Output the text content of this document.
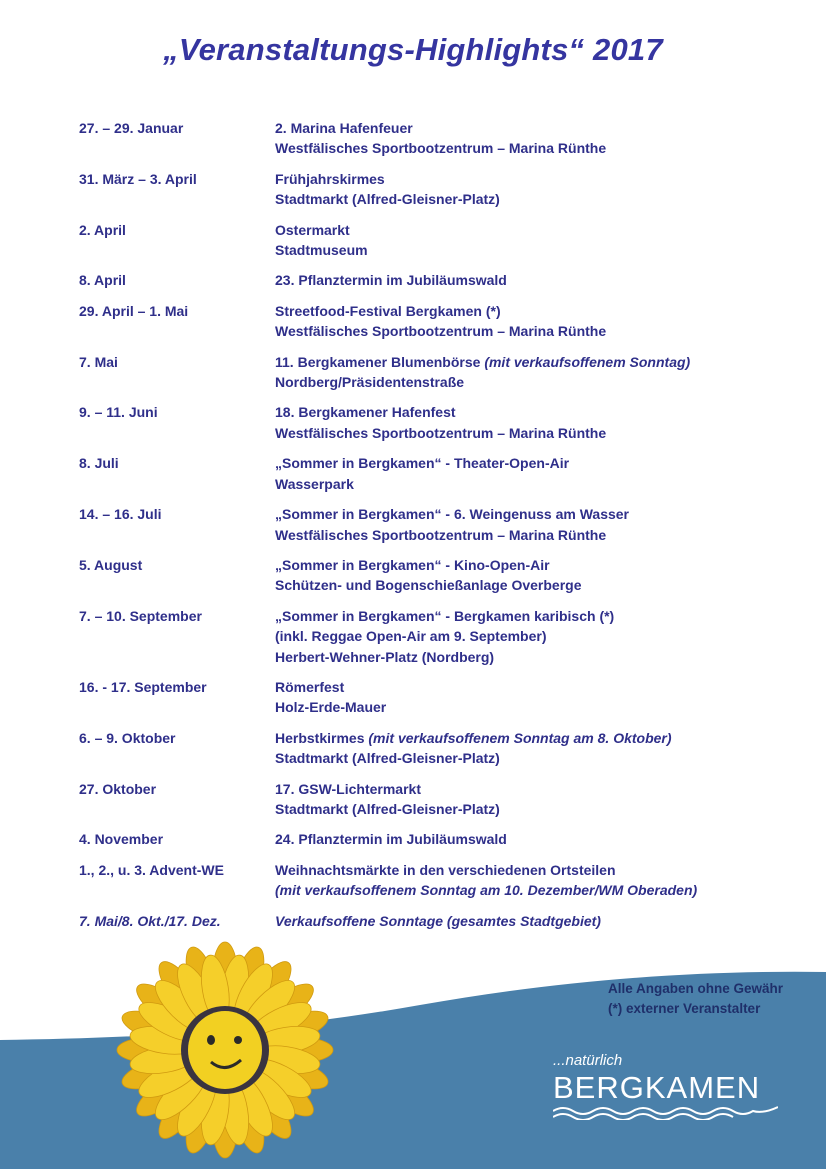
„Veranstaltungs-Highlights“ 2017
27. – 29. Januar	2. Marina Hafenfeuer
Westfälisches Sportbootzentrum – Marina Rünthe
31. März – 3. April	Frühjahrskirmes
Stadtmarkt (Alfred-Gleisner-Platz)
2. April	Ostermarkt
Stadtmuseum
8. April	23. Pflanztermin im Jubiläumswald
29. April – 1. Mai	Streetfood-Festival Bergkamen (*)
Westfälisches Sportbootzentrum – Marina Rünthe
7. Mai	11. Bergkamener Blumenbörse (mit verkaufsoffenem Sonntag)
Nordberg/Präsidentenstraße
9. – 11. Juni	18. Bergkamener Hafenfest
Westfälisches Sportbootzentrum – Marina Rünthe
8. Juli	„Sommer in Bergkamen“ - Theater-Open-Air
Wasserpark
14. – 16. Juli	„Sommer in Bergkamen“ - 6. Weingenuss am Wasser
Westfälisches Sportbootzentrum – Marina Rünthe
5. August	„Sommer in Bergkamen“ - Kino-Open-Air
Schützen- und Bogenschießanlage Overberge
7. – 10. September	„Sommer in Bergkamen“ - Bergkamen karibisch (*)
(inkl. Reggae Open-Air am 9. September)
Herbert-Wehner-Platz (Nordberg)
16. - 17. September	Römerfest
Holz-Erde-Mauer
6. – 9. Oktober	Herbstkirmes (mit verkaufsoffenem Sonntag am 8. Oktober)
Stadtmarkt (Alfred-Gleisner-Platz)
27. Oktober	17. GSW-Lichtermarkt
Stadtmarkt (Alfred-Gleisner-Platz)
4. November	24. Pflanztermin im Jubiläumswald
1., 2., u. 3. Advent-WE	Weihnachtsmärkte in den verschiedenen Ortsteilen
(mit verkaufsoffenem Sonntag am 10. Dezember/WM Oberaden)
7. Mai/8. Okt./17. Dez.	Verkaufsoffene Sonntage (gesamtes Stadtgebiet)
Alle Angaben ohne Gewähr
(*) externer Veranstalter
...natürlich
BERGKAMEN
